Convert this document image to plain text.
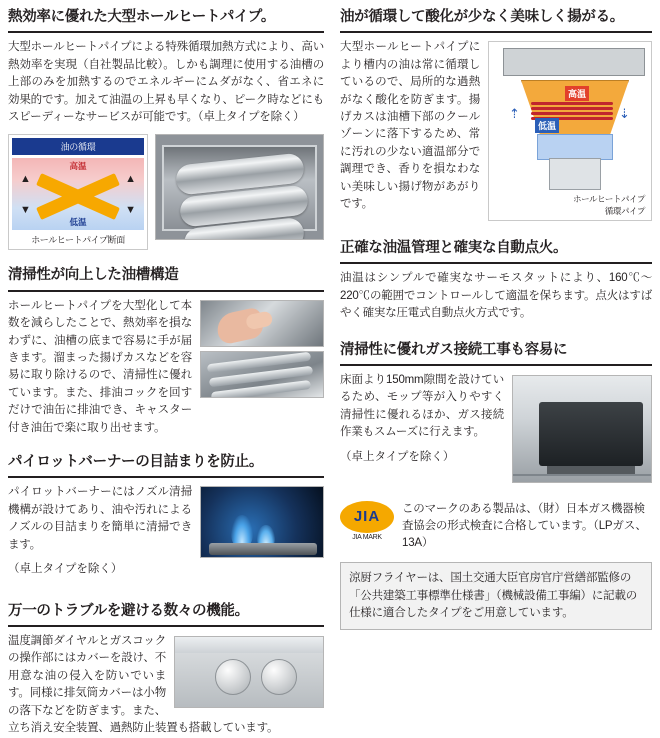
熱効率に優れた大型ホールヒートパイプ。

大型ホールヒートパイプによる特殊循環加熱方式により、高い熱効率を実現（自社製品比較）。しかも調理に使用する油槽の上部のみを加熱するのでエネルギーにムダがなく、省エネに効果的です。加えて油温の上昇も早くなり、ピーク時などにもスピーディーなサービスが可能です。（卓上タイプを除く）

油の循環
高温
低温
▲
▼
▲
▼
ホールヒートパイプ断面
清掃性が向上した油槽構造

ホールヒートパイプを大型化して本数を減らしたことで、熱効率を損なわずに、油槽の底まで容易に手が届きます。溜まった揚げカスなどを容易に取り除けるので、清掃性に優れています。また、排油コックを回すだけで油缶に排油でき、キャスター付き油缶で楽に取り出せます。

パイロットバーナーの目詰まりを防止。

パイロットバーナーにはノズル清掃機構が設けてあり、油や汚れによるノズルの目詰まりを簡単に清掃できます。

（卓上タイプを除く）

万一のトラブルを避ける数々の機能。

温度調節ダイヤルとガスコックの操作部にはカバーを設け、不用意な油の侵入を防いでいます。同様に排気筒カバーは小物の落下などを防ぎます。また、立ち消え安全装置、過熱防止装置も搭載しています。

油が循環して酸化が少なく美味しく揚がる。
高温
低温
⇡	⇣
ホールヒートパイプ
循環パイプ

大型ホールヒートパイプにより槽内の油は常に循環しているので、局所的な過熱がなく酸化を防ぎます。揚げカスは油槽下部のクールゾーンに落下するため、常に汚れの少ない適温部分で調理でき、香りを損なわない美味しい揚げ物があがりです。

正確な油温管理と確実な自動点火。

油温はシンプルで確実なサーモスタットにより、160℃〜220℃の範囲でコントロールして適温を保ちます。点火はすばやく確実な圧電式自動点火方式です。

清掃性に優れガス接続工事も容易に

床面より150mm隙間を設けているため、モップ等が入りやすく清掃性に優れるほか、ガス接続作業もスムーズに行えます。

（卓上タイプを除く）

JIA
JIA MARK
このマークのある製品は、（財）日本ガス機器検査協会の形式検査に合格しています。（LPガス、13A）
涼厨フライヤーは、国土交通大臣官房官庁営繕部監修の「公共建築工事標準仕様書」（機械設備工事編）に記載の仕様に適合したタイプをご用意しています。
